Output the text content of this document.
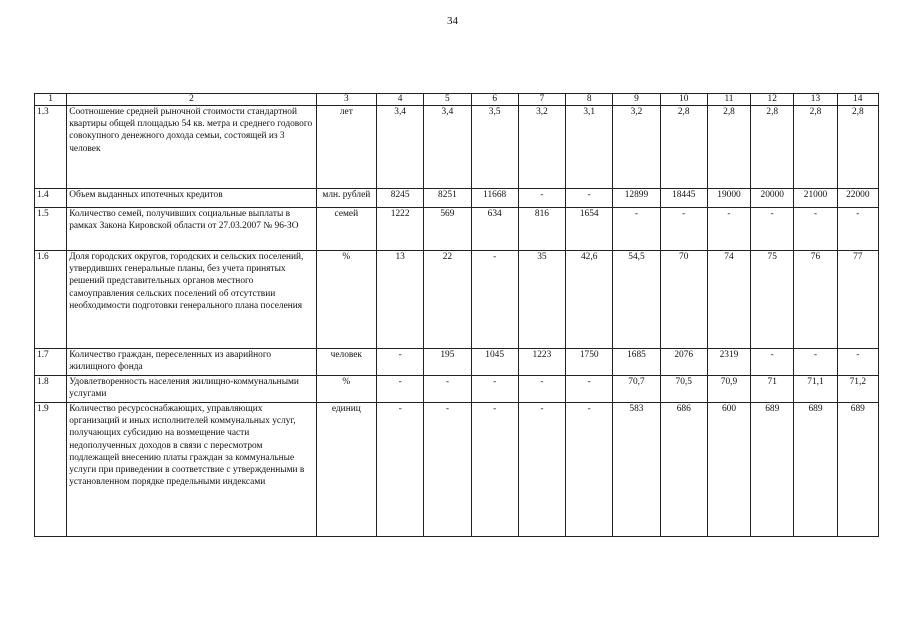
34
1	2	3	4	5	6	7	8	9	10	11	12	13	14
1.3	Соотношение средней рыночной стоимости стандартной квартиры общей площадью 54 кв. метра и среднего годового совокупного денежного дохода семьи, состоящей из 3 человек	лет	3,4	3,4	3,5	3,2	3,1	3,2	2,8	2,8	2,8	2,8	2,8
1.4	Объем выданных ипотечных кредитов	млн. рублей	8245	8251	11668	-	-	12899	18445	19000	20000	21000	22000
1.5	Количество семей, получивших социальные выплаты в рамках Закона Кировской области от 27.03.2007 № 96-ЗО	семей	1222	569	634	816	1654	-	-	-	-	-	-
1.6	Доля городских округов, городских и сельских поселений, утвердивших генеральные планы, без учета принятых решений представительных органов местного самоуправления сельских поселений об отсутствии необходимости подготовки генерального плана поселения	%	13	22	-	35	42,6	54,5	70	74	75	76	77
1.7	Количество граждан, переселенных из аварийного жилищного фонда	человек	-	195	1045	1223	1750	1685	2076	2319	-	-	-
1.8	Удовлетворенность населения жилищно-коммунальными услугами	%	-	-	-	-	-	70,7	70,5	70,9	71	71,1	71,2
1.9	Количество ресурсоснабжающих, управляющих организаций и иных исполнителей коммунальных услуг, получающих субсидию на возмещение части недополученных доходов в связи с пересмотром подлежащей внесению платы граждан за коммунальные услуги при приведении в соответствие с утвержденными в установленном порядке предельными индексами	единиц	-	-	-	-	-	583	686	600	689	689	689
